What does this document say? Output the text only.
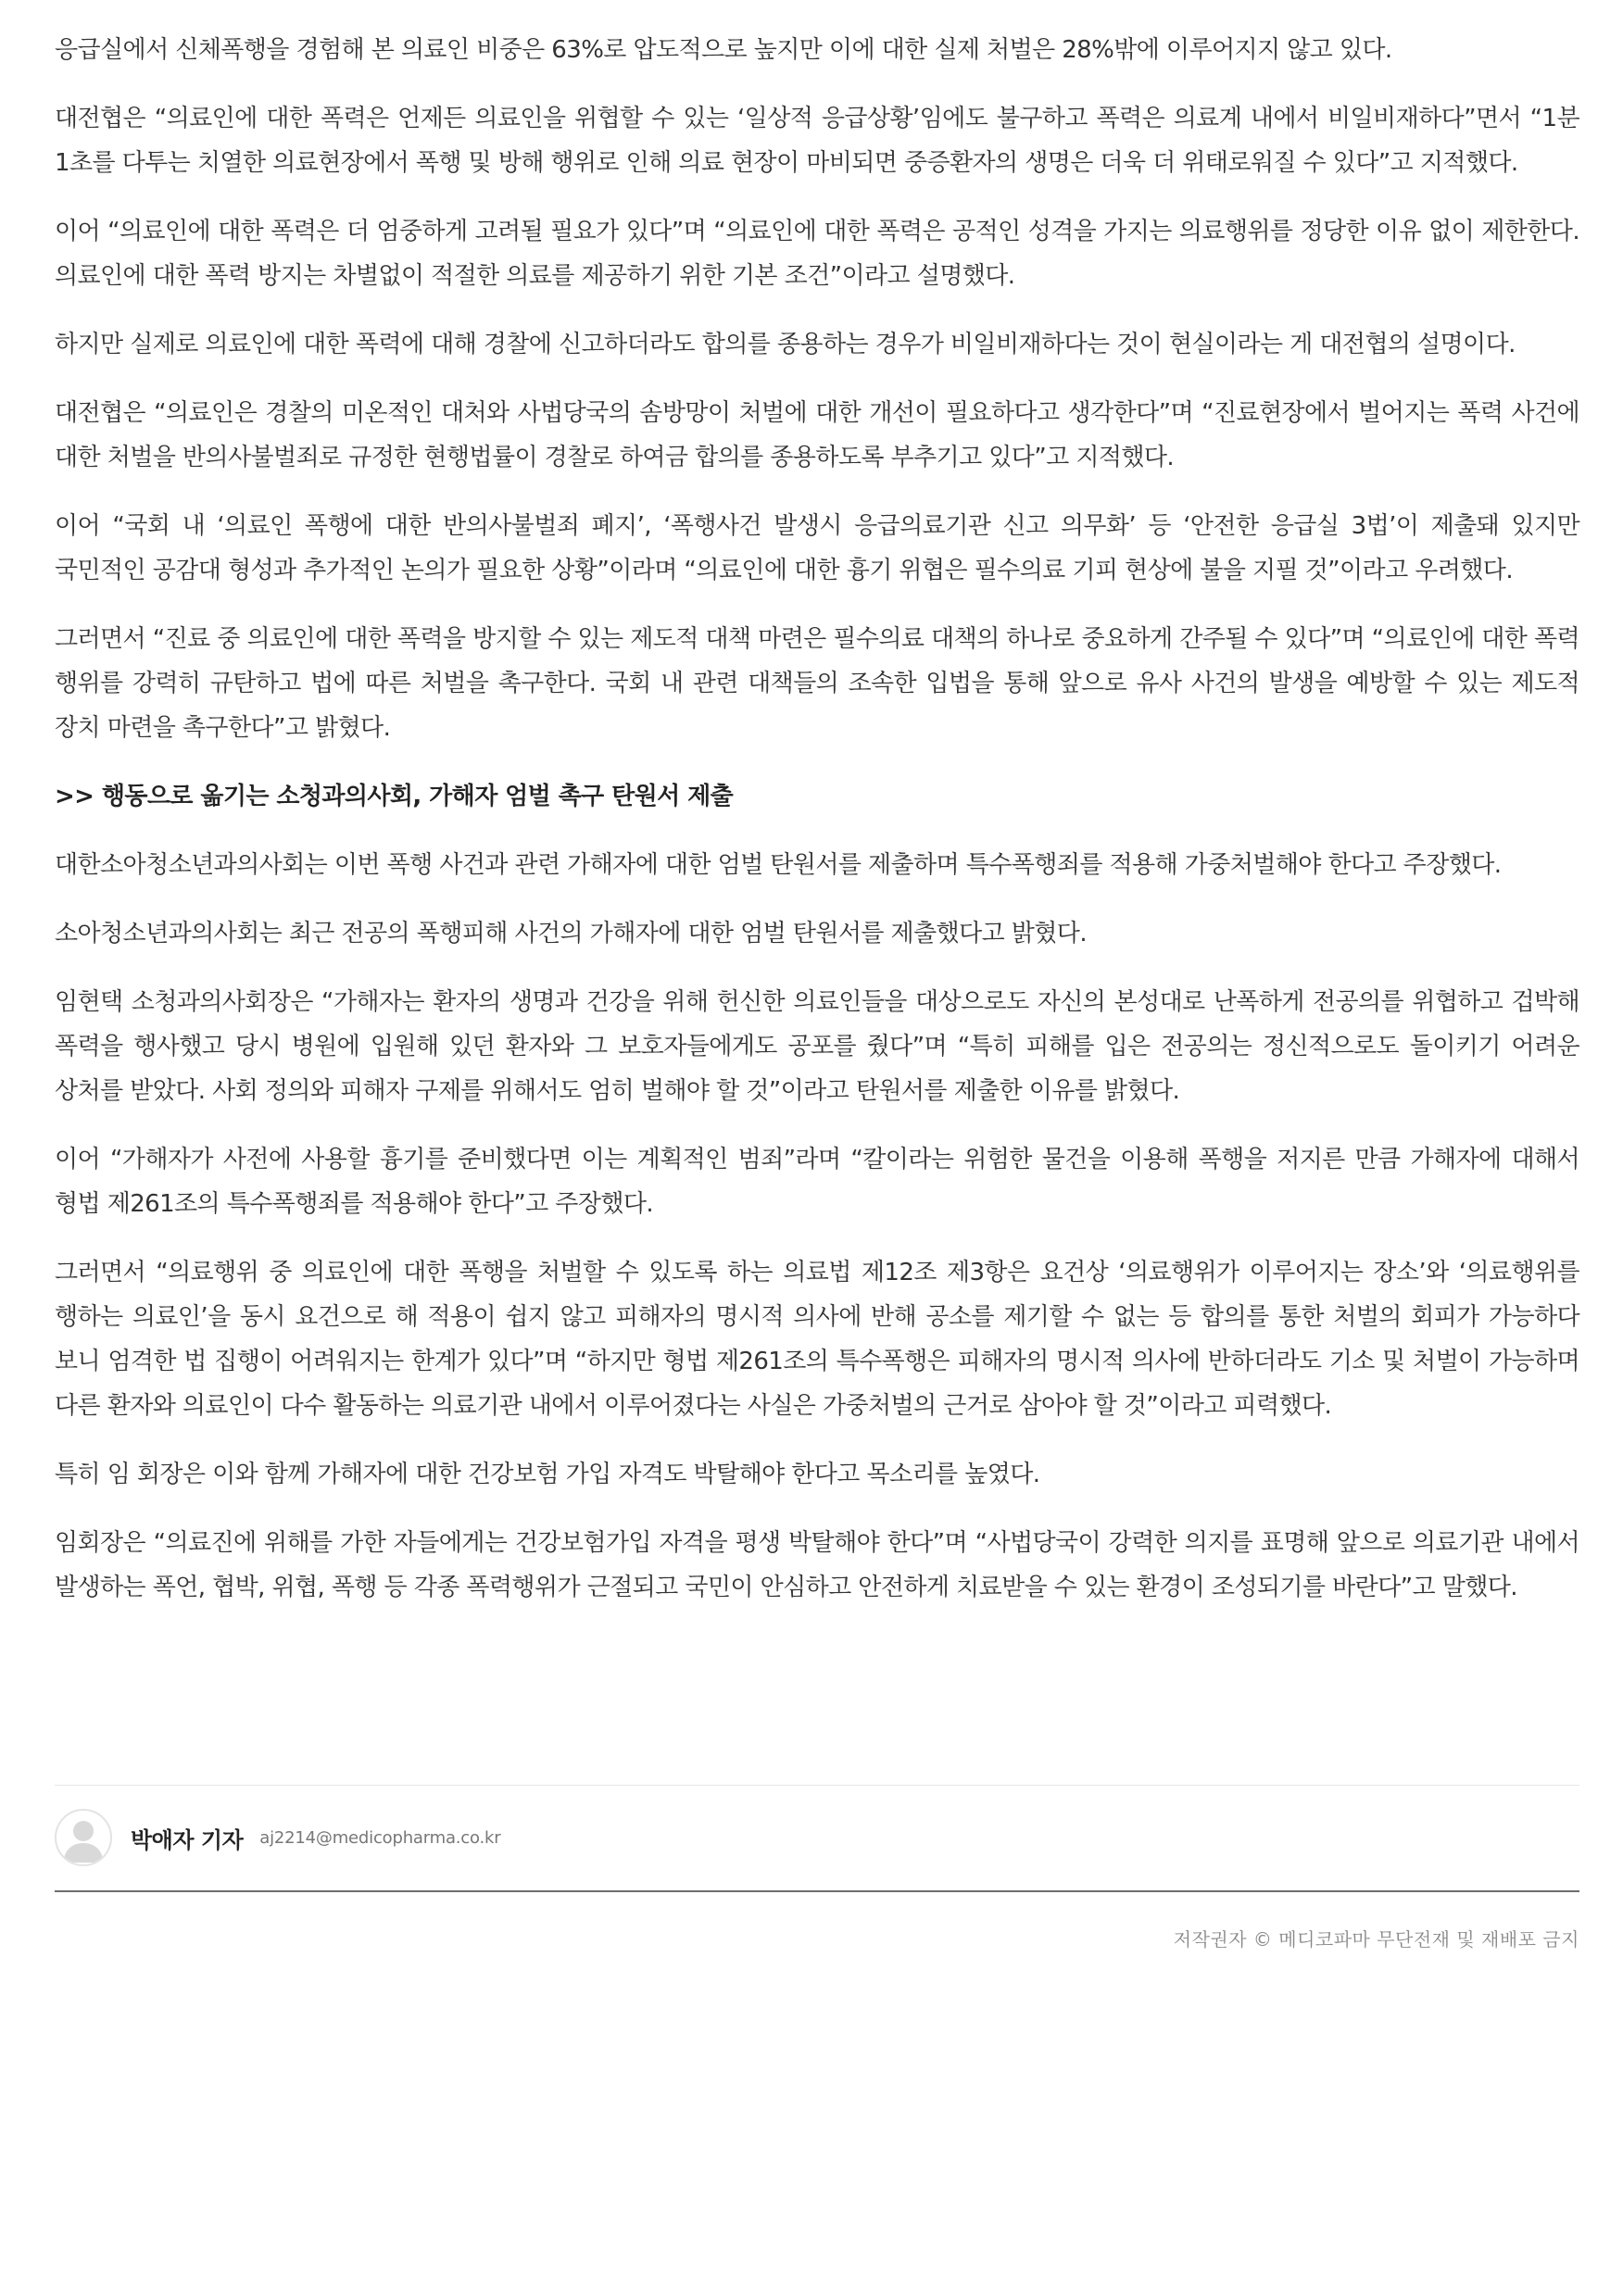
응급실에서 신체폭행을 경험해 본 의료인 비중은 63%로 압도적으로 높지만 이에 대한 실제 처벌은 28%밖에 이루어지지 않고 있다.

대전협은 “의료인에 대한 폭력은 언제든 의료인을 위협할 수 있는 ‘일상적 응급상황’임에도 불구하고 폭력은 의료계 내에서 비일비재하다”면서 “1분 1초를 다투는 치열한 의료현장에서 폭행 및 방해 행위로 인해 의료 현장이 마비되면 중증환자의 생명은 더욱 더 위태로워질 수 있다”고 지적했다.

이어 “의료인에 대한 폭력은 더 엄중하게 고려될 필요가 있다”며 “의료인에 대한 폭력은 공적인 성격을 가지는 의료행위를 정당한 이유 없이 제한한다. 의료인에 대한 폭력 방지는 차별없이 적절한 의료를 제공하기 위한 기본 조건”이라고 설명했다.

하지만 실제로 의료인에 대한 폭력에 대해 경찰에 신고하더라도 합의를 종용하는 경우가 비일비재하다는 것이 현실이라는 게 대전협의 설명이다.

대전협은 “의료인은 경찰의 미온적인 대처와 사법당국의 솜방망이 처벌에 대한 개선이 필요하다고 생각한다”며 “진료현장에서 벌어지는 폭력 사건에 대한 처벌을 반의사불벌죄로 규정한 현행법률이 경찰로 하여금 합의를 종용하도록 부추기고 있다”고 지적했다.

이어 “국회 내 ‘의료인 폭행에 대한 반의사불벌죄 폐지’, ‘폭행사건 발생시 응급의료기관 신고 의무화’ 등 ‘안전한 응급실 3법’이 제출돼 있지만 국민적인 공감대 형성과 추가적인 논의가 필요한 상황”이라며 “의료인에 대한 흉기 위협은 필수의료 기피 현상에 불을 지필 것”이라고 우려했다.

그러면서 “진료 중 의료인에 대한 폭력을 방지할 수 있는 제도적 대책 마련은 필수의료 대책의 하나로 중요하게 간주될 수 있다”며 “의료인에 대한 폭력 행위를 강력히 규탄하고 법에 따른 처벌을 촉구한다. 국회 내 관련 대책들의 조속한 입법을 통해 앞으로 유사 사건의 발생을 예방할 수 있는 제도적 장치 마련을 촉구한다”고 밝혔다.

>> 행동으로 옮기는 소청과의사회, 가해자 엄벌 촉구 탄원서 제출

대한소아청소년과의사회는 이번 폭행 사건과 관련 가해자에 대한 엄벌 탄원서를 제출하며 특수폭행죄를 적용해 가중처벌해야 한다고 주장했다.

소아청소년과의사회는 최근 전공의 폭행피해 사건의 가해자에 대한 엄벌 탄원서를 제출했다고 밝혔다.

임현택 소청과의사회장은 “가해자는 환자의 생명과 건강을 위해 헌신한 의료인들을 대상으로도 자신의 본성대로 난폭하게 전공의를 위협하고 겁박해 폭력을 행사했고 당시 병원에 입원해 있던 환자와 그 보호자들에게도 공포를 줬다”며 “특히 피해를 입은 전공의는 정신적으로도 돌이키기 어려운 상처를 받았다. 사회 정의와 피해자 구제를 위해서도 엄히 벌해야 할 것”이라고 탄원서를 제출한 이유를 밝혔다.

이어 “가해자가 사전에 사용할 흉기를 준비했다면 이는 계획적인 범죄”라며 “칼이라는 위험한 물건을 이용해 폭행을 저지른 만큼 가해자에 대해서 형법 제261조의 특수폭행죄를 적용해야 한다”고 주장했다.

그러면서 “의료행위 중 의료인에 대한 폭행을 처벌할 수 있도록 하는 의료법 제12조 제3항은 요건상 ‘의료행위가 이루어지는 장소’와 ‘의료행위를 행하는 의료인’을 동시 요건으로 해 적용이 쉽지 않고 피해자의 명시적 의사에 반해 공소를 제기할 수 없는 등 합의를 통한 처벌의 회피가 가능하다 보니 엄격한 법 집행이 어려워지는 한계가 있다”며 “하지만 형법 제261조의 특수폭행은 피해자의 명시적 의사에 반하더라도 기소 및 처벌이 가능하며 다른 환자와 의료인이 다수 활동하는 의료기관 내에서 이루어졌다는 사실은 가중처벌의 근거로 삼아야 할 것”이라고 피력했다.

특히 임 회장은 이와 함께 가해자에 대한 건강보험 가입 자격도 박탈해야 한다고 목소리를 높였다.

임회장은 “의료진에 위해를 가한 자들에게는 건강보험가입 자격을 평생 박탈해야 한다”며 “사법당국이 강력한 의지를 표명해 앞으로 의료기관 내에서 발생하는 폭언, 협박, 위협, 폭행 등 각종 폭력행위가 근절되고 국민이 안심하고 안전하게 치료받을 수 있는 환경이 조성되기를 바란다”고 말했다.

박애자 기자 aj2214@medicopharma.co.kr
저작권자 © 메디코파마 무단전재 및 재배포 금지
